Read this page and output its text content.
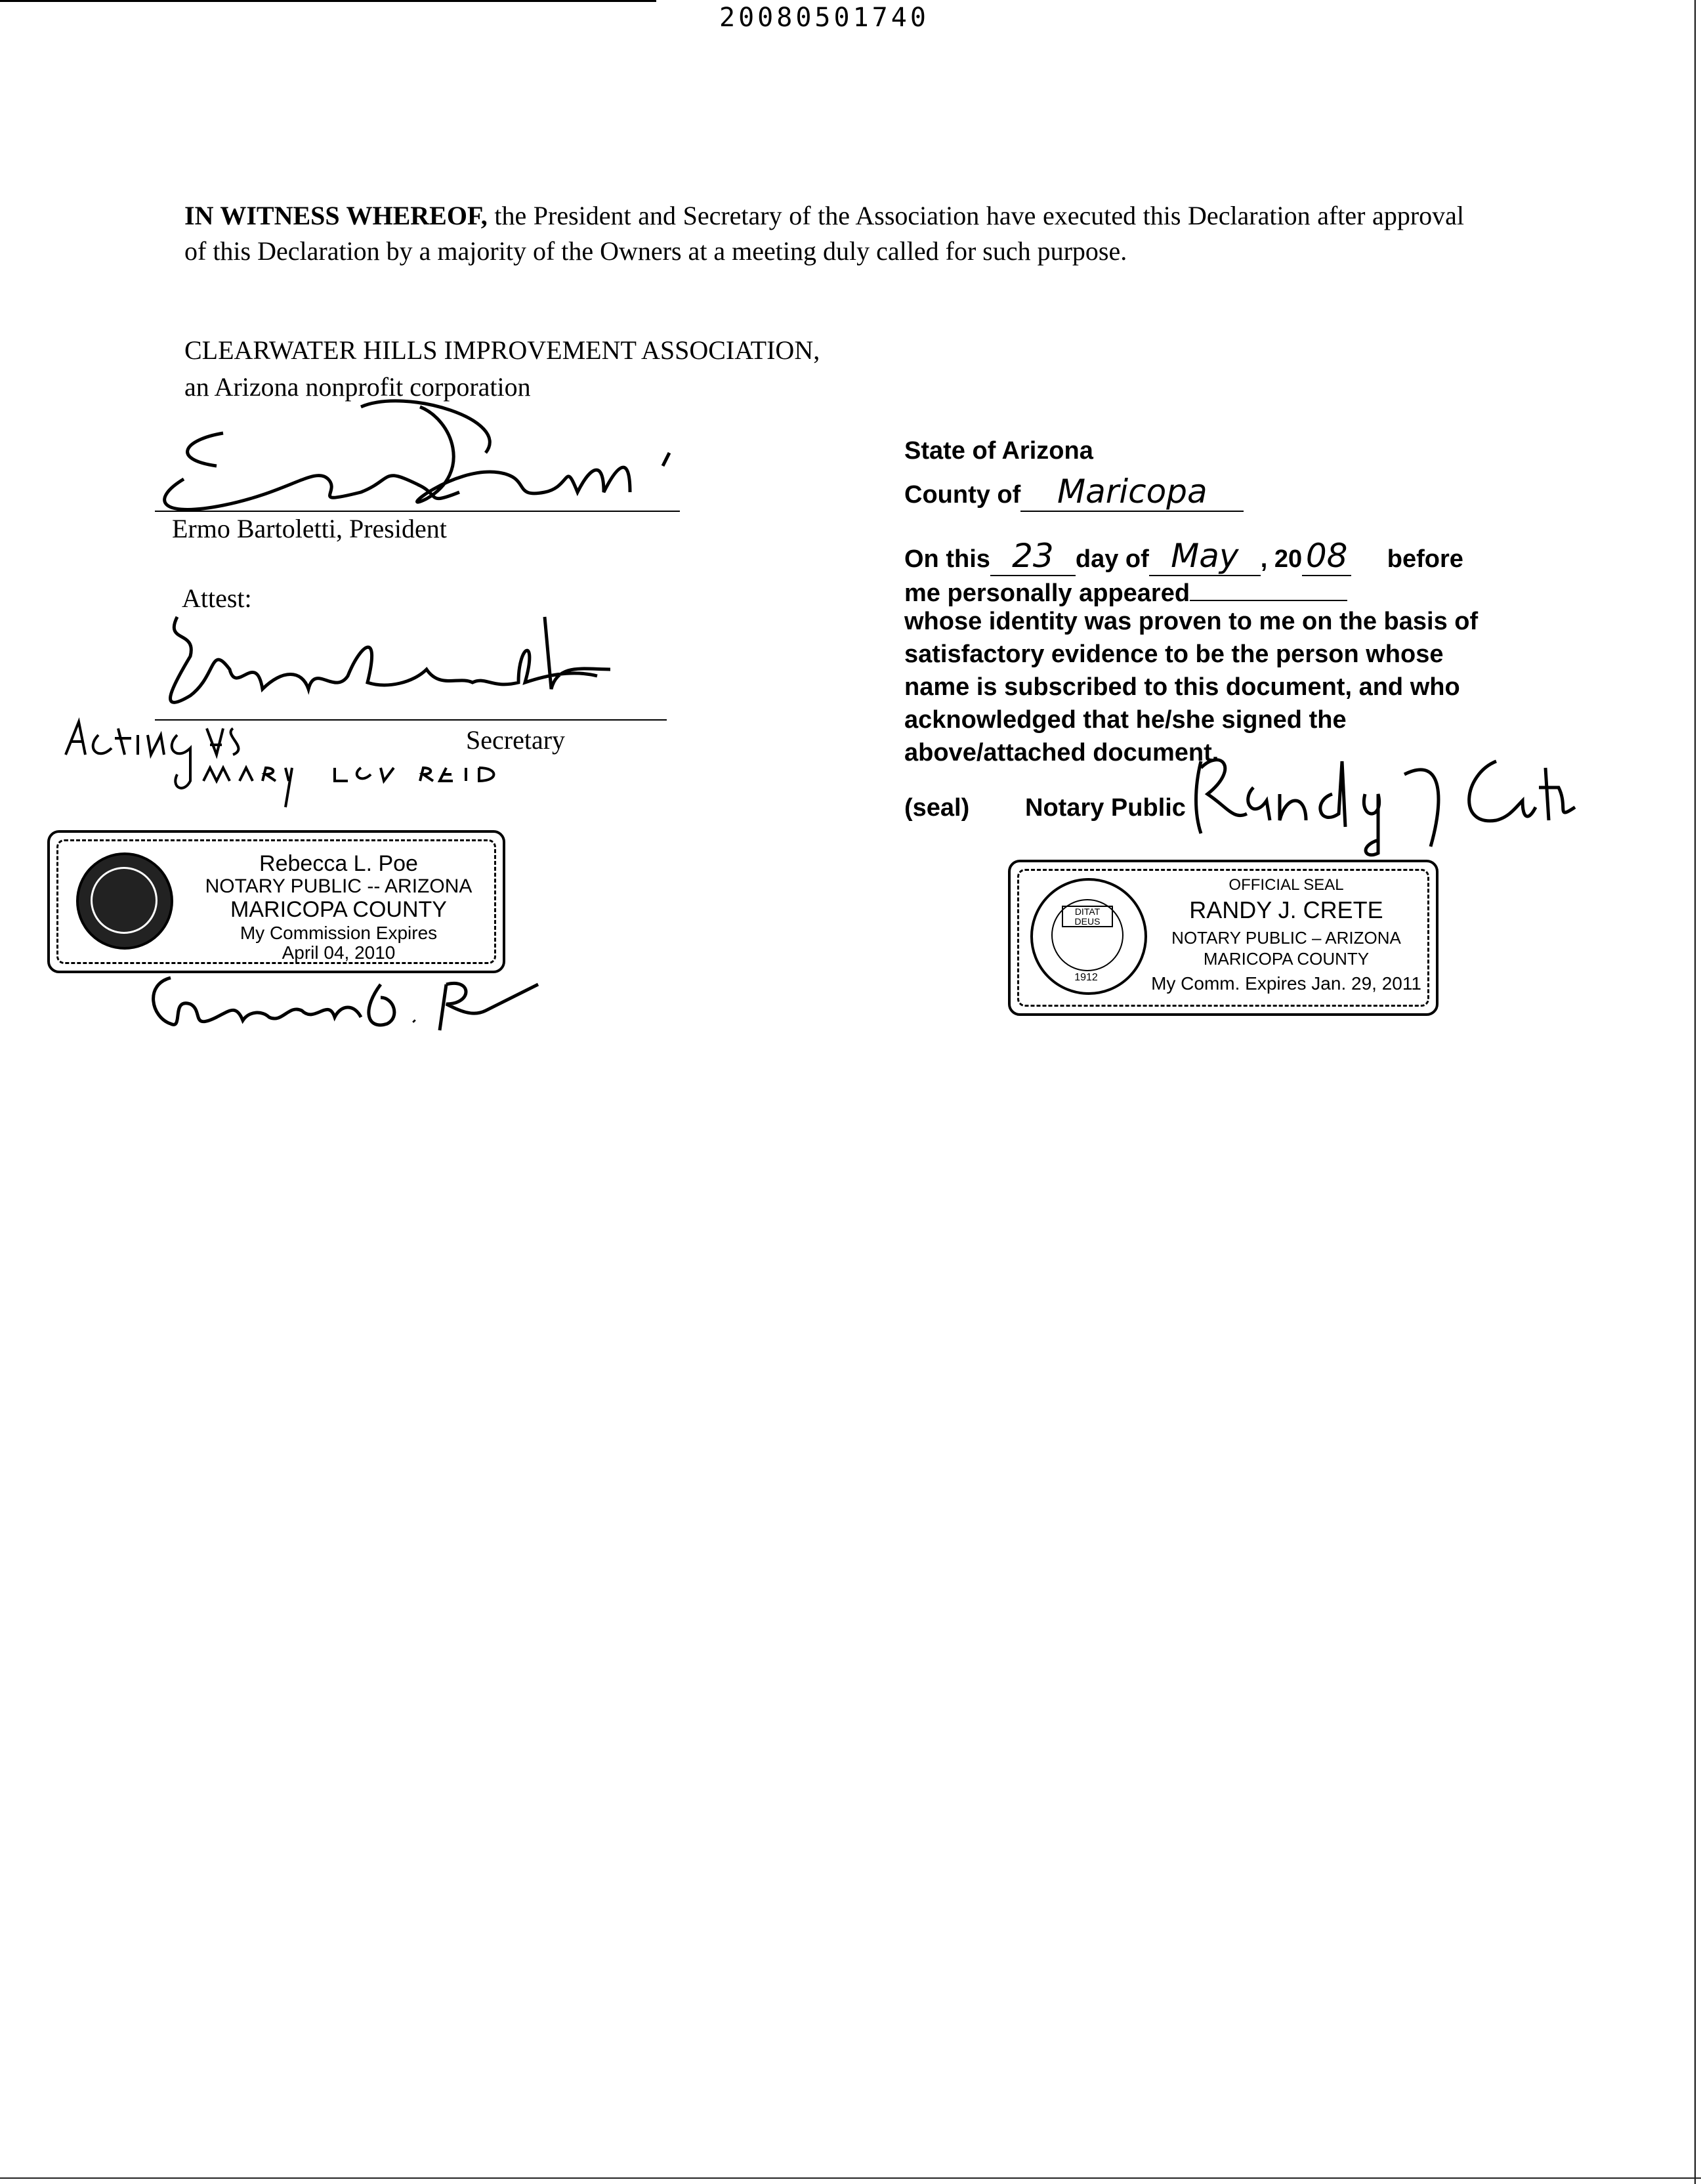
20080501740
IN WITNESS WHEREOF, the President and Secretary of the Association have executed this Declaration after approval of this Declaration by a majority of the Owners at a meeting duly called for such purpose.
CLEARWATER HILLS IMPROVEMENT ASSOCIATION,
an Arizona nonprofit corporation
Ermo Bartoletti, President
Attest:
Secretary
Rebecca L. Poe
NOTARY PUBLIC -- ARIZONA
MARICOPA COUNTY
My Commission Expires
April 04, 2010
State of Arizona
County of Maricopa
On this 23 day of May , 20 08 before
me personally appeared
whose identity was proven to me on the basis of
satisfactory evidence to be the person whose
name is subscribed to this document, and who
acknowledged that he/she signed the
above/attached document.
(seal) Notary Public
DITAT DEUS
1912
OFFICIAL SEAL
RANDY J. CRETE
NOTARY PUBLIC – ARIZONA
MARICOPA COUNTY
My Comm. Expires Jan. 29, 2011
